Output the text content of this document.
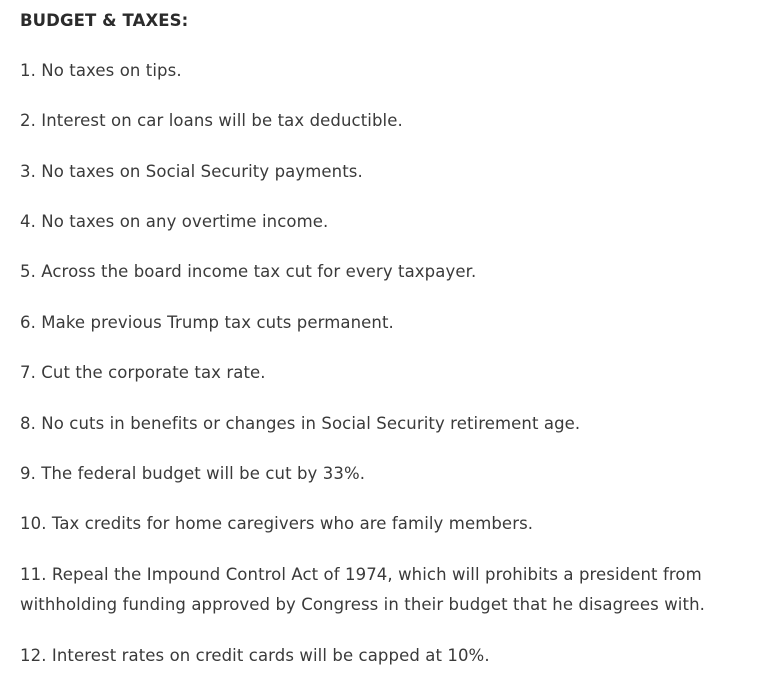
BUDGET & TAXES:

1. No taxes on tips.

2. Interest on car loans will be tax deductible.

3. No taxes on Social Security payments.

4. No taxes on any overtime income.

5. Across the board income tax cut for every taxpayer.

6. Make previous Trump tax cuts permanent.

7. Cut the corporate tax rate.

8. No cuts in benefits or changes in Social Security retirement age.

9. The federal budget will be cut by 33%.

10. Tax credits for home caregivers who are family members.

11. Repeal the Impound Control Act of 1974, which will prohibits a president from withholding funding approved by Congress in their budget that he disagrees with.

12. Interest rates on credit cards will be capped at 10%.
